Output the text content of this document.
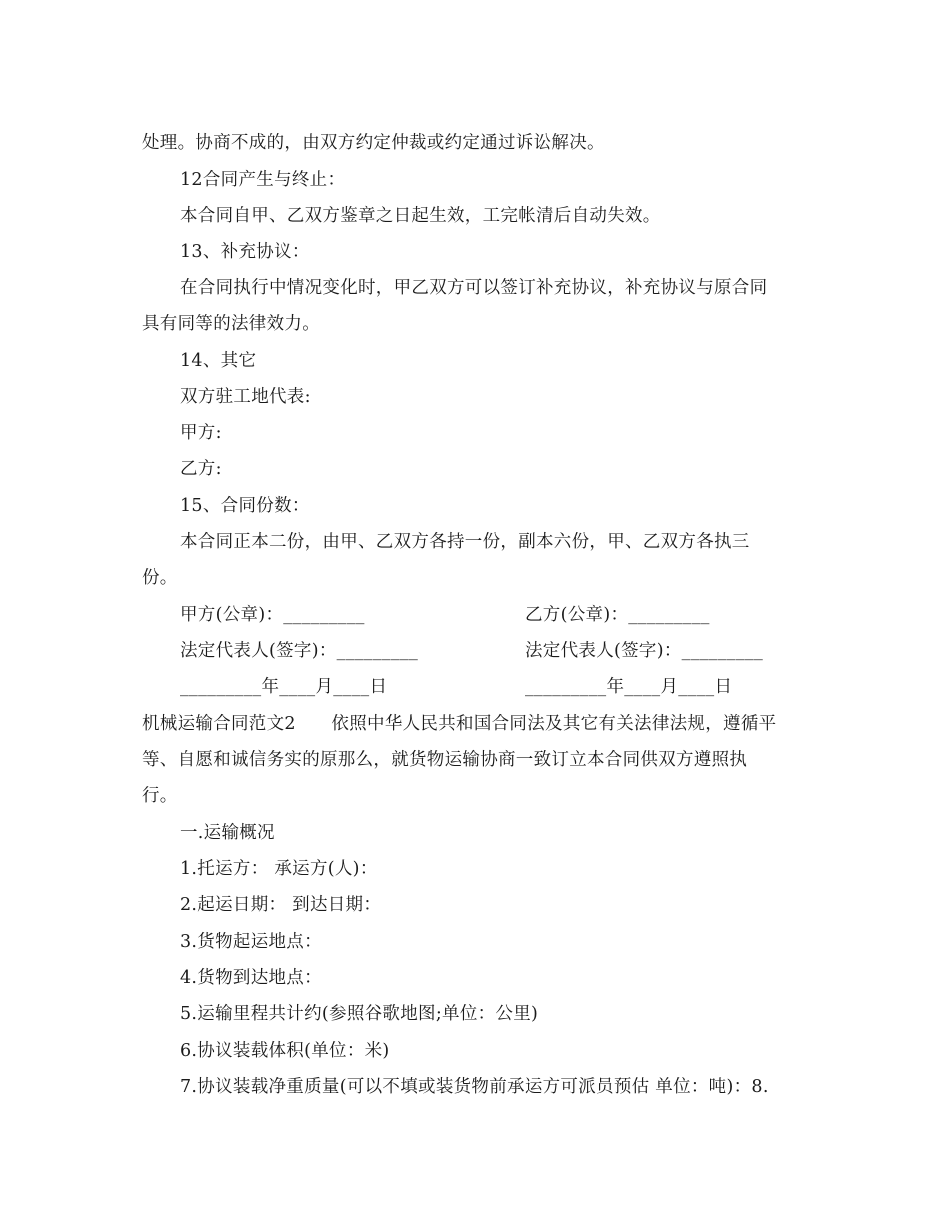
处理。协商不成的，由双方约定仲裁或约定通过诉讼解决。
12合同产生与终止：
本合同自甲、乙双方鉴章之日起生效，工完帐清后自动失效。
13、补充协议：
在合同执行中情况变化时，甲乙双方可以签订补充协议，补充协议与原合同
具有同等的法律效力。
14、其它
双方驻工地代表:
甲方:
乙方:
15、合同份数：
本合同正本二份，由甲、乙双方各持一份，副本六份，甲、乙双方各执三
份。
甲方(公章)：_________	乙方(公章)：_________
法定代表人(签字)：_________	法定代表人(签字)：_________
_________年____月____日	_________年____月____日
机械运输合同范文2　　依照中华人民共和国合同法及其它有关法律法规，遵循平
等、自愿和诚信务实的原那么，就货物运输协商一致订立本合同供双方遵照执
行。
一.运输概况
1.托运方： 承运方(人)：
2.起运日期： 到达日期：
3.货物起运地点：
4.货物到达地点：
5.运输里程共计约(参照谷歌地图;单位：公里)
6.协议装载体积(单位：米)
7.协议装载净重质量(可以不填或装货物前承运方可派员预估 单位：吨)：8.
